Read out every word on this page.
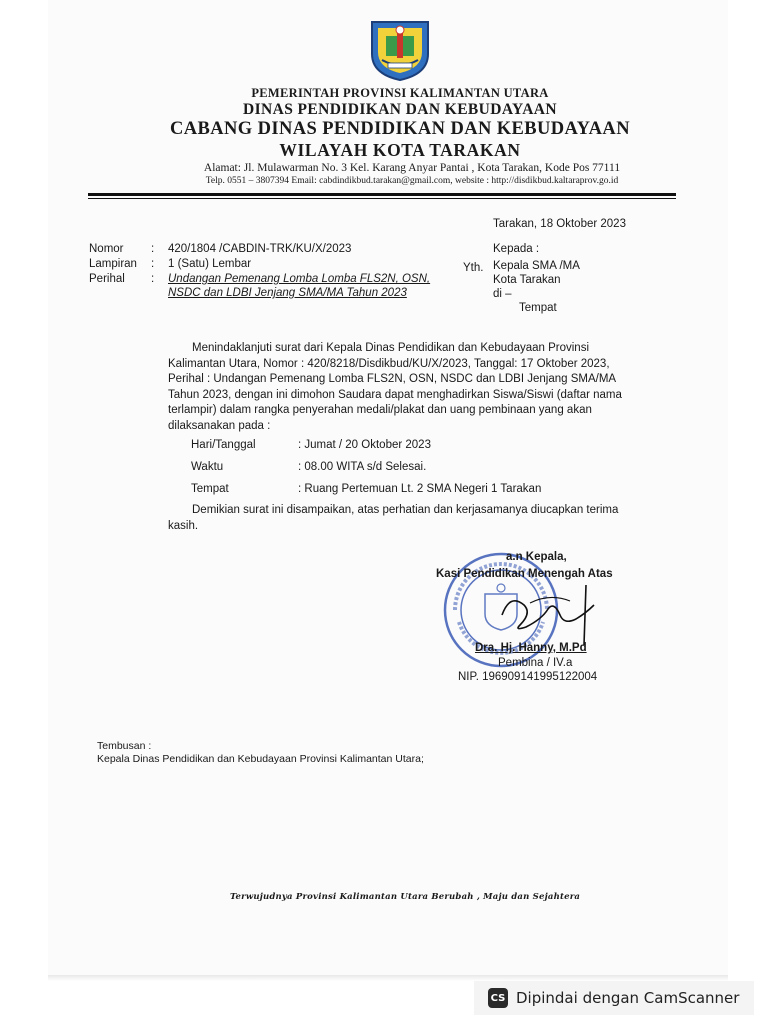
PEMERINTAH PROVINSI KALIMANTAN UTARA
DINAS PENDIDIKAN DAN KEBUDAYAAN
CABANG DINAS PENDIDIKAN DAN KEBUDAYAAN
WILAYAH KOTA TARAKAN
Alamat: Jl. Mulawarman No. 3 Kel. Karang Anyar Pantai , Kota Tarakan, Kode Pos 77111
Telp. 0551 – 3807394 Email: cabdindikbud.tarakan@gmail.com, website : http://disdikbud.kaltaraprov.go.id
Tarakan, 18 Oktober 2023
Nomor : 420/1804 /CABDIN-TRK/KU/X/2023
Lampiran : 1 (Satu) Lembar
Perihal : Undangan Pemenang Lomba Lomba FLS2N, OSN,
NSDC dan LDBI Jenjang SMA/MA Tahun 2023
Kepada :
Yth. Kepala SMA /MA
Kota Tarakan
di –
Tempat
Menindaklanjuti surat dari Kepala Dinas Pendidikan dan Kebudayaan Provinsi
Kalimantan Utara, Nomor : 420/8218/Disdikbud/KU/X/2023, Tanggal: 17 Oktober 2023,
Perihal : Undangan Pemenang Lomba FLS2N, OSN, NSDC dan LDBI Jenjang SMA/MA
Tahun 2023, dengan ini dimohon Saudara dapat menghadirkan Siswa/Siswi (daftar nama
terlampir) dalam rangka penyerahan medali/plakat dan uang pembinaan yang akan
dilaksanakan pada :
Hari/Tanggal	: Jumat / 20 Oktober 2023
Waktu	: 08.00 WITA s/d Selesai.
Tempat	: Ruang Pertemuan Lt. 2 SMA Negeri 1 Tarakan
Demikian surat ini disampaikan, atas perhatian dan kerjasamanya diucapkan terima
kasih.
a.n Kepala,
Kasi Pendidikan Menengah Atas
Dra. Hj. Hanny, M.Pd
Pembina / IV.a
NIP. 196909141995122004
Tembusan :
Kepala Dinas Pendidikan dan Kebudayaan Provinsi Kalimantan Utara;
Terwujudnya Provinsi Kalimantan Utara Berubah , Maju dan Sejahtera
CS Dipindai dengan CamScanner
